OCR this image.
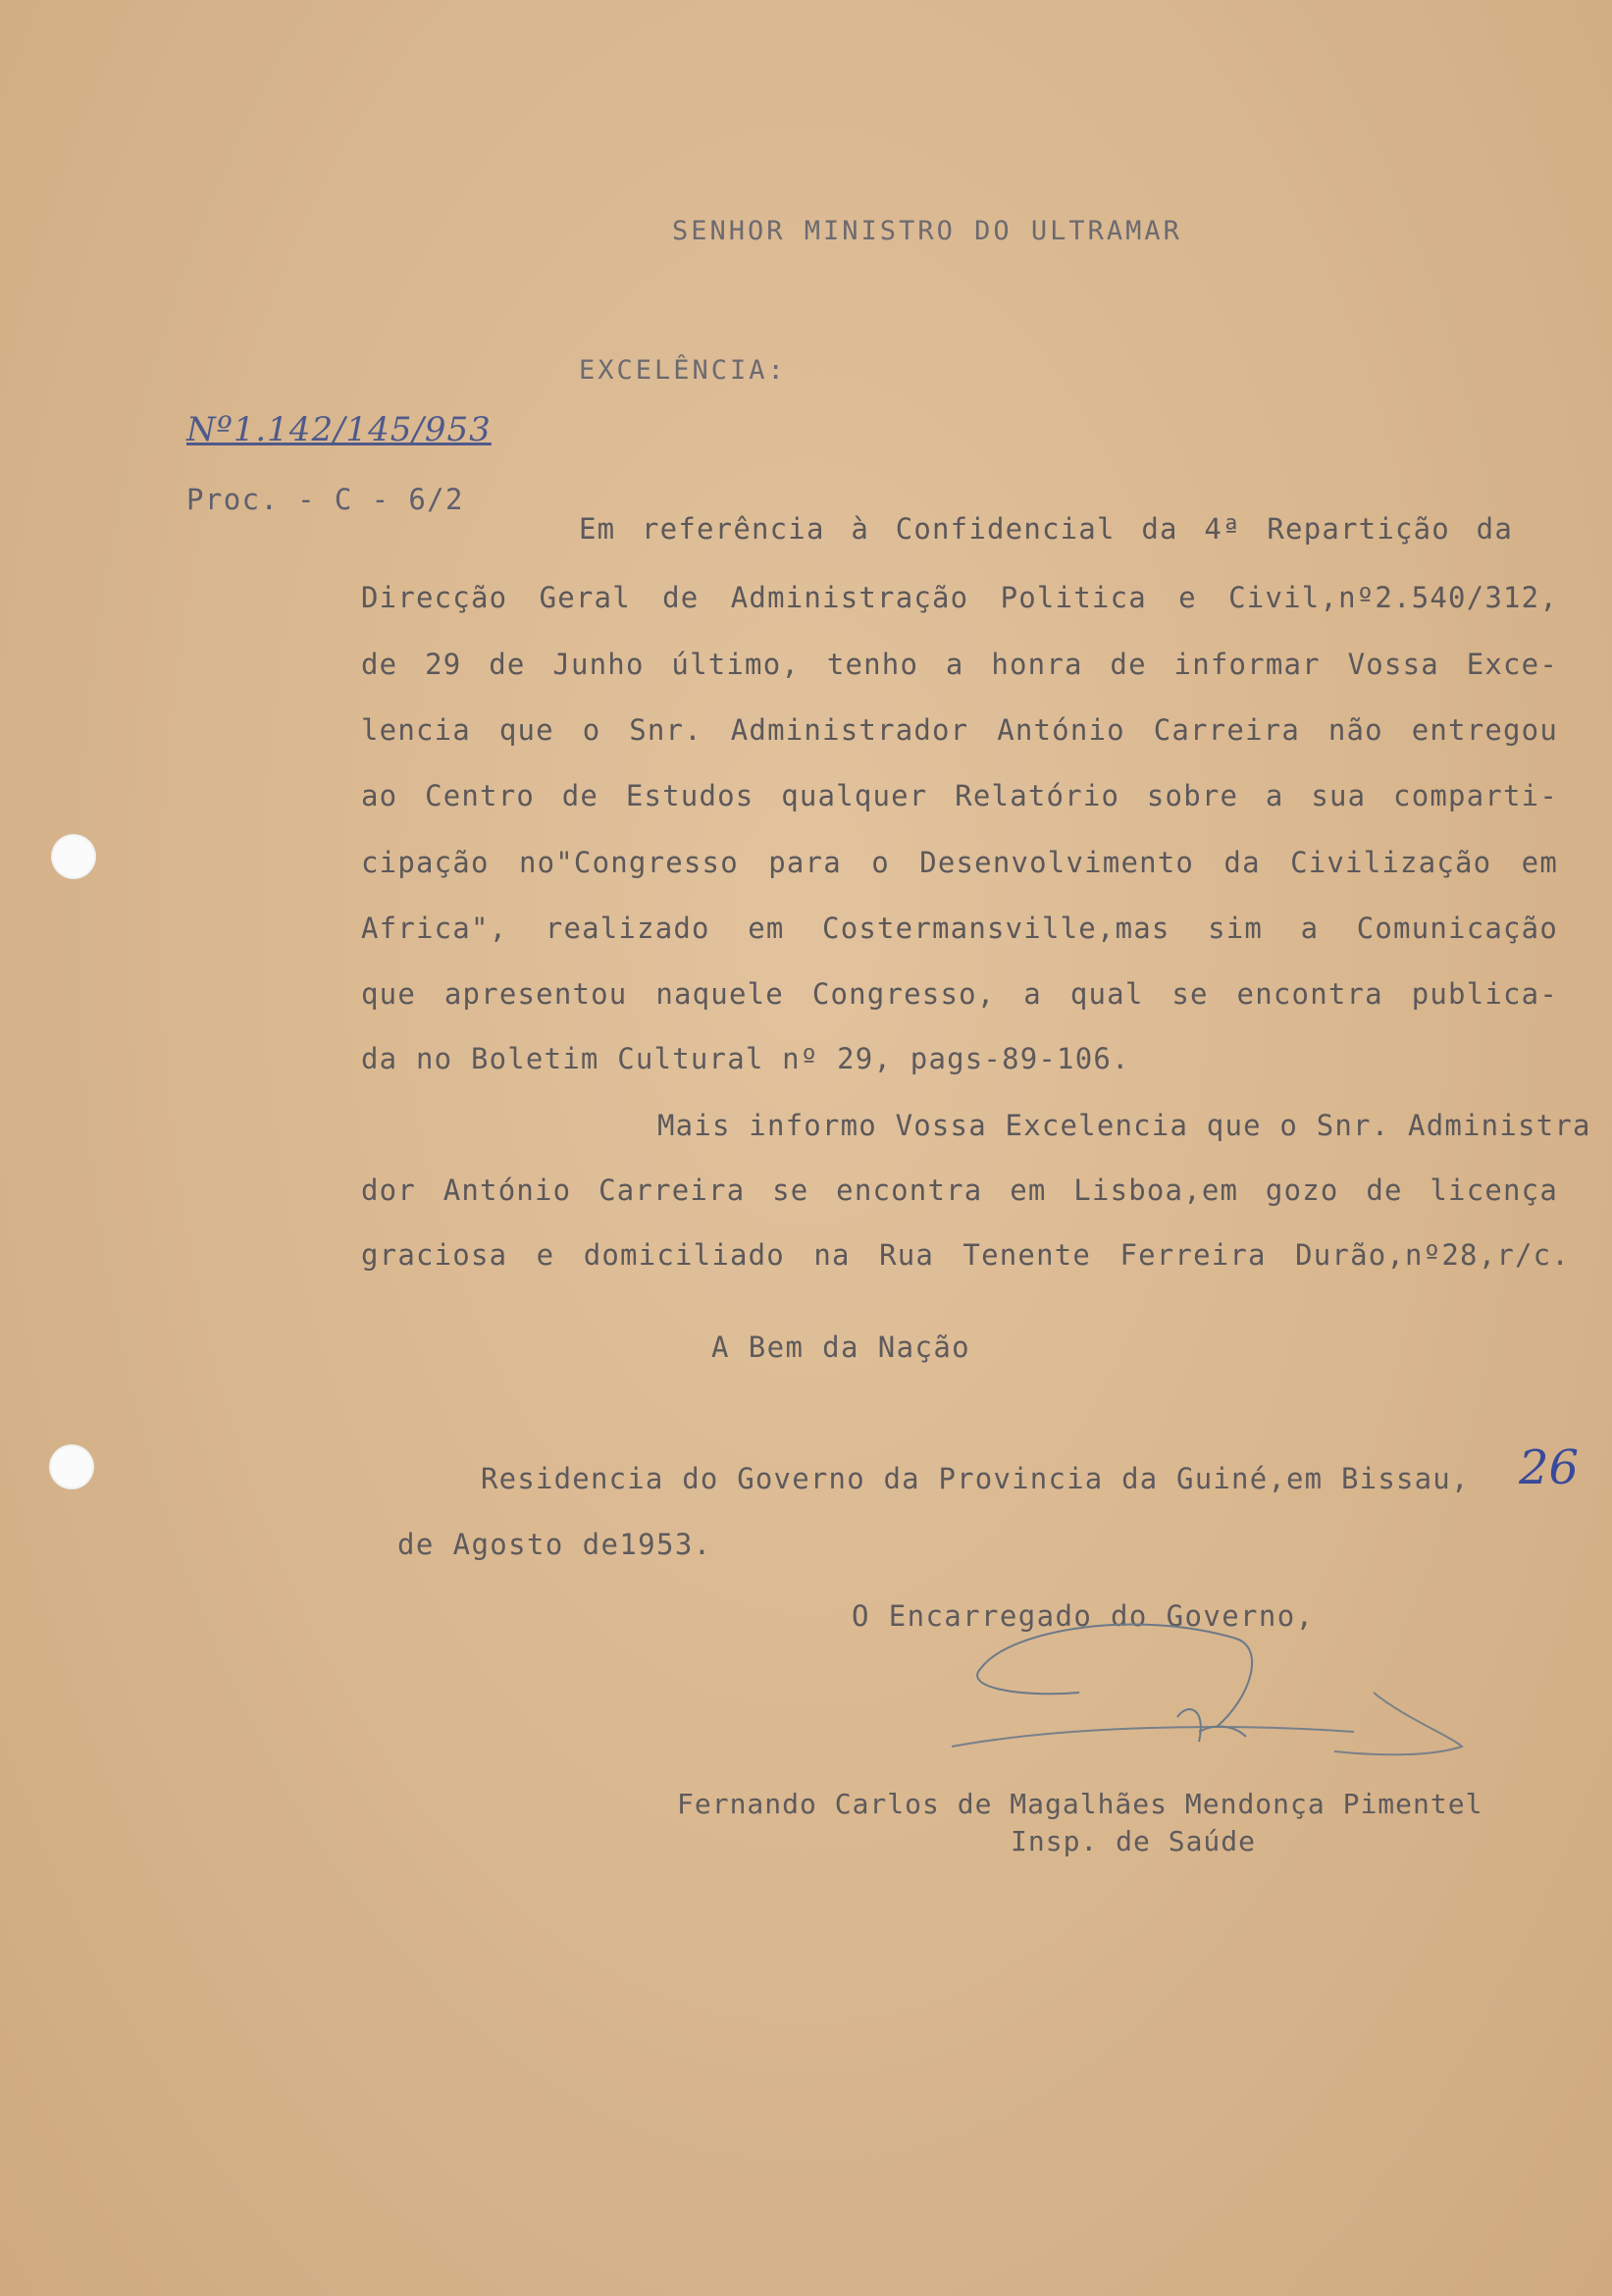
SENHOR MINISTRO DO ULTRAMAR
EXCELÊNCIA:
Nº1.142/145/953
Proc. - C - 6/2
Em referência à Confidencial da 4ª Repartição da
Direcção Geral de Administração Politica e Civil,nº2.540/312,
de 29 de Junho último, tenho a honra de informar Vossa Exce-
lencia que o Snr. Administrador António Carreira não entregou
ao Centro de Estudos qualquer Relatório sobre a sua comparti-
cipação no"Congresso para o Desenvolvimento da Civilização em
Africa", realizado em Costermansville,mas sim a Comunicação
que apresentou naquele Congresso, a qual se encontra publica-
da no Boletim Cultural nº 29, pags-89-106.
Mais informo Vossa Excelencia que o Snr. Administra
dor António Carreira se encontra em Lisboa,em gozo de licença
graciosa e domiciliado na Rua Tenente Ferreira Durão,nº28,r/c.
A Bem da Nação
Residencia do Governo da Provincia da Guiné,em Bissau, 26
de Agosto de1953.
O Encarregado do Governo,
Fernando Carlos de Magalhães Mendonça Pimentel
Insp. de Saúde
